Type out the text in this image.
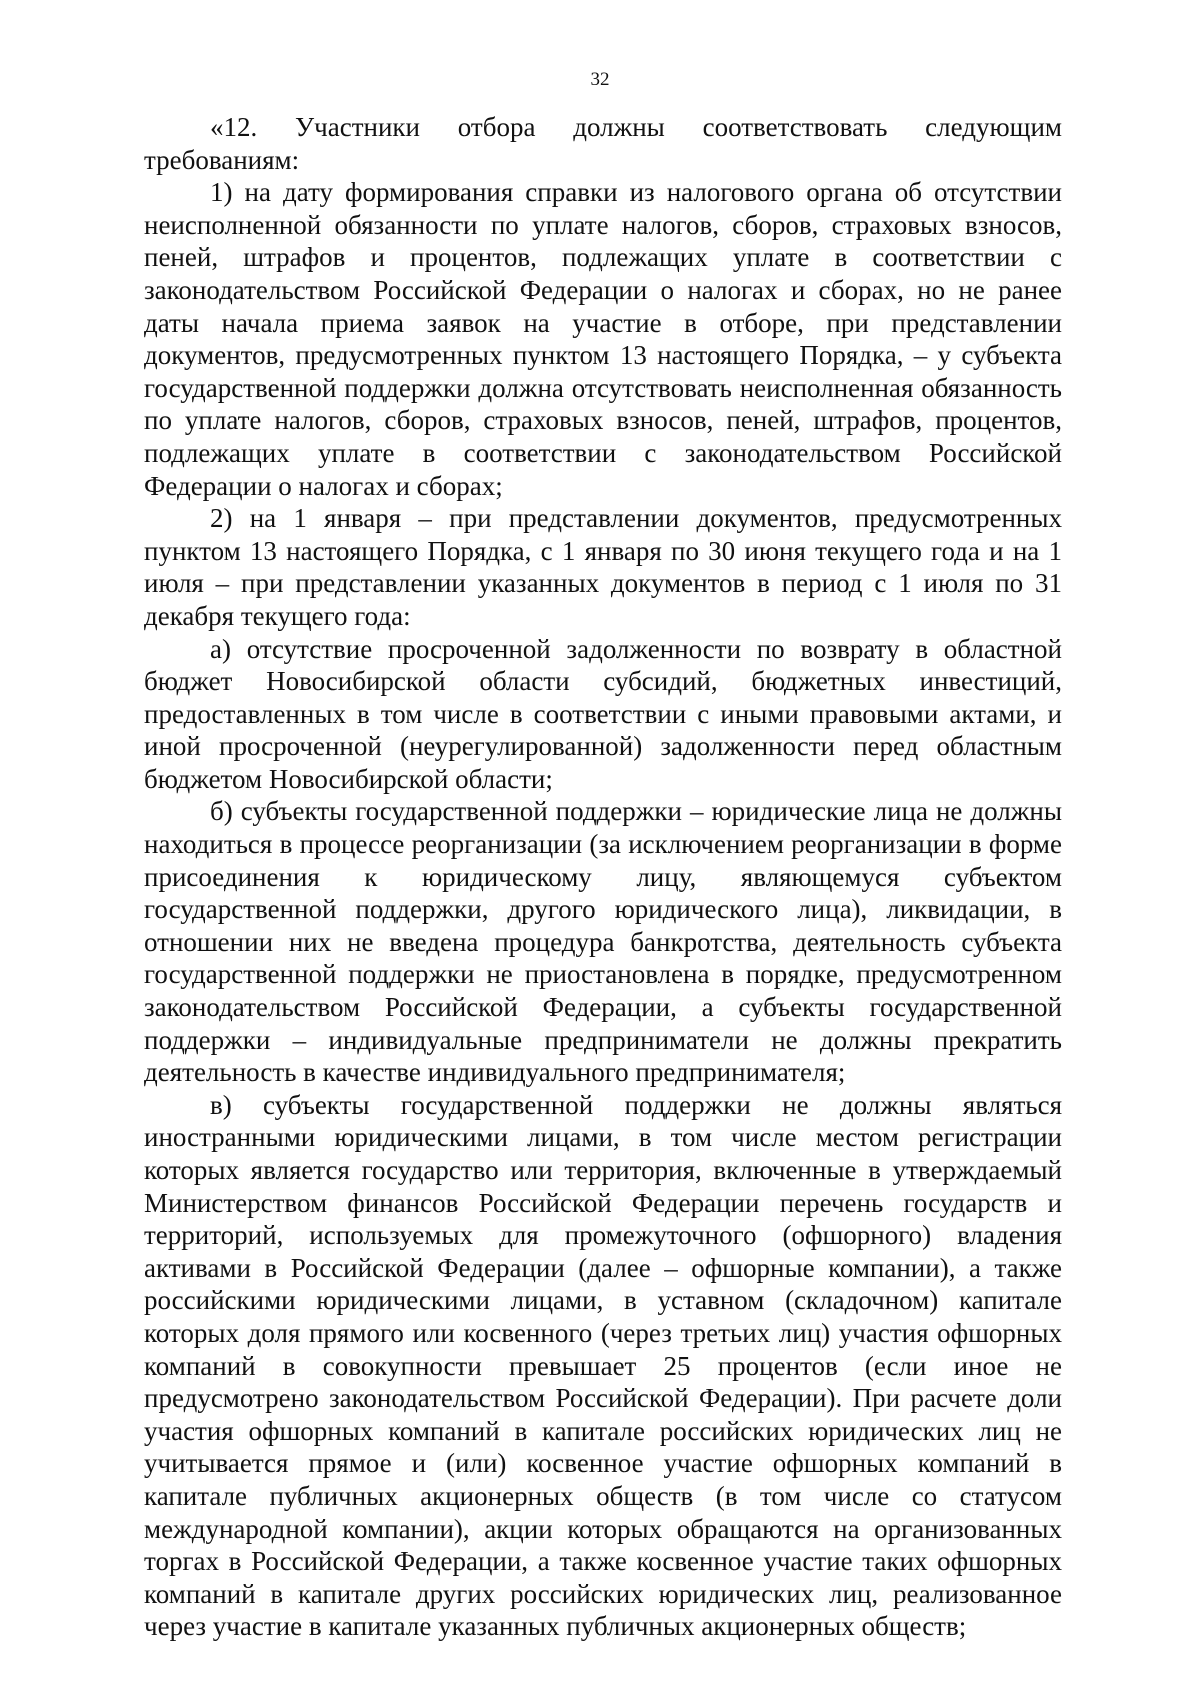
32

«12. Участники отбора должны соответствовать следующим требованиям:

1) на дату формирования справки из налогового органа об отсутствии неисполненной обязанности по уплате налогов, сборов, страховых взносов, пеней, штрафов и процентов, подлежащих уплате в соответствии с законодательством Российской Федерации о налогах и сборах, но не ранее даты начала приема заявок на участие в отборе, при представлении документов, предусмотренных пунктом 13 настоящего Порядка, – у субъекта государственной поддержки должна отсутствовать неисполненная обязанность по уплате налогов, сборов, страховых взносов, пеней, штрафов, процентов, подлежащих уплате в соответствии с законодательством Российской Федерации о налогах и сборах;

2) на 1 января – при представлении документов, предусмотренных пунктом 13 настоящего Порядка, с 1 января по 30 июня текущего года и на 1 июля – при представлении указанных документов в период с 1 июля по 31 декабря текущего года:

а) отсутствие просроченной задолженности по возврату в областной бюджет Новосибирской области субсидий, бюджетных инвестиций, предоставленных в том числе в соответствии с иными правовыми актами, и иной просроченной (неурегулированной) задолженности перед областным бюджетом Новосибирской области;

б) субъекты государственной поддержки – юридические лица не должны находиться в процессе реорганизации (за исключением реорганизации в форме присоединения к юридическому лицу, являющемуся субъектом государственной поддержки, другого юридического лица), ликвидации, в отношении них не введена процедура банкротства, деятельность субъекта государственной поддержки не приостановлена в порядке, предусмотренном законодательством Российской Федерации, а субъекты государственной поддержки – индивидуальные предприниматели не должны прекратить деятельность в качестве индивидуального предпринимателя;

в) субъекты государственной поддержки не должны являться иностранными юридическими лицами, в том числе местом регистрации которых является государство или территория, включенные в утверждаемый Министерством финансов Российской Федерации перечень государств и территорий, используемых для промежуточного (офшорного) владения активами в Российской Федерации (далее – офшорные компании), а также российскими юридическими лицами, в уставном (складочном) капитале которых доля прямого или косвенного (через третьих лиц) участия офшорных компаний в совокупности превышает 25 процентов (если иное не предусмотрено законодательством Российской Федерации). При расчете доли участия офшорных компаний в капитале российских юридических лиц не учитывается прямое и (или) косвенное участие офшорных компаний в капитале публичных акционерных обществ (в том числе со статусом международной компании), акции которых обращаются на организованных торгах в Российской Федерации, а также косвенное участие таких офшорных компаний в капитале других российских юридических лиц, реализованное через участие в капитале указанных публичных акционерных обществ;
